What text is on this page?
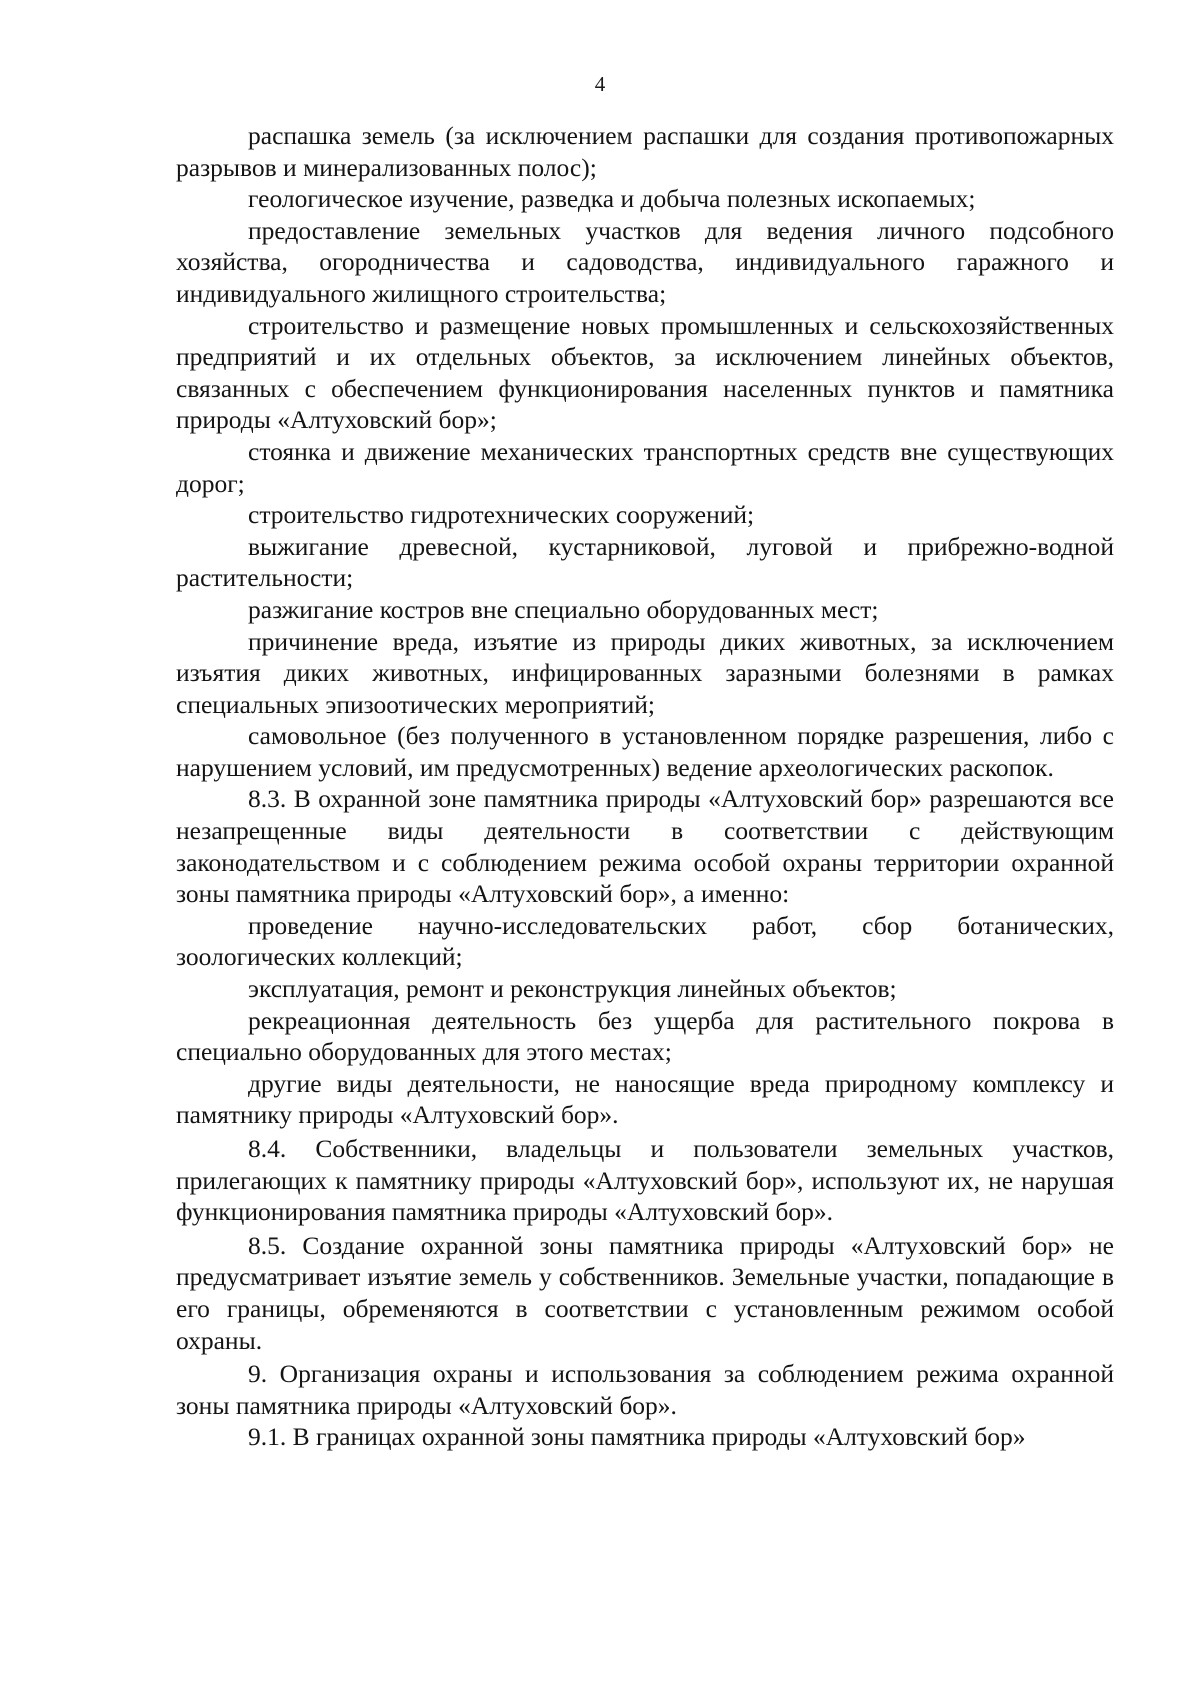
4

распашка земель (за исключением распашки для создания противопожарных разрывов и минерализованных полос);

геологическое изучение, разведка и добыча полезных ископаемых;

предоставление земельных участков для ведения личного подсобного хозяйства, огородничества и садоводства, индивидуального гаражного и индивидуального жилищного строительства;

строительство и размещение новых промышленных и сельскохозяйственных предприятий и их отдельных объектов, за исключением линейных объектов, связанных с обеспечением функционирования населенных пунктов и памятника природы «Алтуховский бор»;

стоянка и движение механических транспортных средств вне существующих дорог;

строительство гидротехнических сооружений;

выжигание древесной, кустарниковой, луговой и прибрежно-водной растительности;

разжигание костров вне специально оборудованных мест;

причинение вреда, изъятие из природы диких животных, за исключением изъятия диких животных, инфицированных заразными болезнями в рамках специальных эпизоотических мероприятий;

самовольное (без полученного в установленном порядке разрешения, либо с нарушением условий, им предусмотренных) ведение археологических раскопок.

8.3. В охранной зоне памятника природы «Алтуховский бор» разрешаются все незапрещенные виды деятельности в соответствии с действующим законодательством и с соблюдением режима особой охраны территории охранной зоны памятника природы «Алтуховский бор», а именно:

проведение научно-исследовательских работ, сбор ботанических, зоологических коллекций;

эксплуатация, ремонт и реконструкция линейных объектов;

рекреационная деятельность без ущерба для растительного покрова в специально оборудованных для этого местах;

другие виды деятельности, не наносящие вреда природному комплексу и памятнику природы «Алтуховский бор».

8.4. Собственники, владельцы и пользователи земельных участков, прилегающих к памятнику природы «Алтуховский бор», используют их, не нарушая функционирования памятника природы «Алтуховский бор».

8.5. Создание охранной зоны памятника природы «Алтуховский бор» не предусматривает изъятие земель у собственников. Земельные участки, попадающие в его границы, обременяются в соответствии с установленным режимом особой охраны.

9. Организация охраны и использования за соблюдением режима охранной зоны памятника природы «Алтуховский бор».

9.1. В границах охранной зоны памятника природы «Алтуховский бор»
